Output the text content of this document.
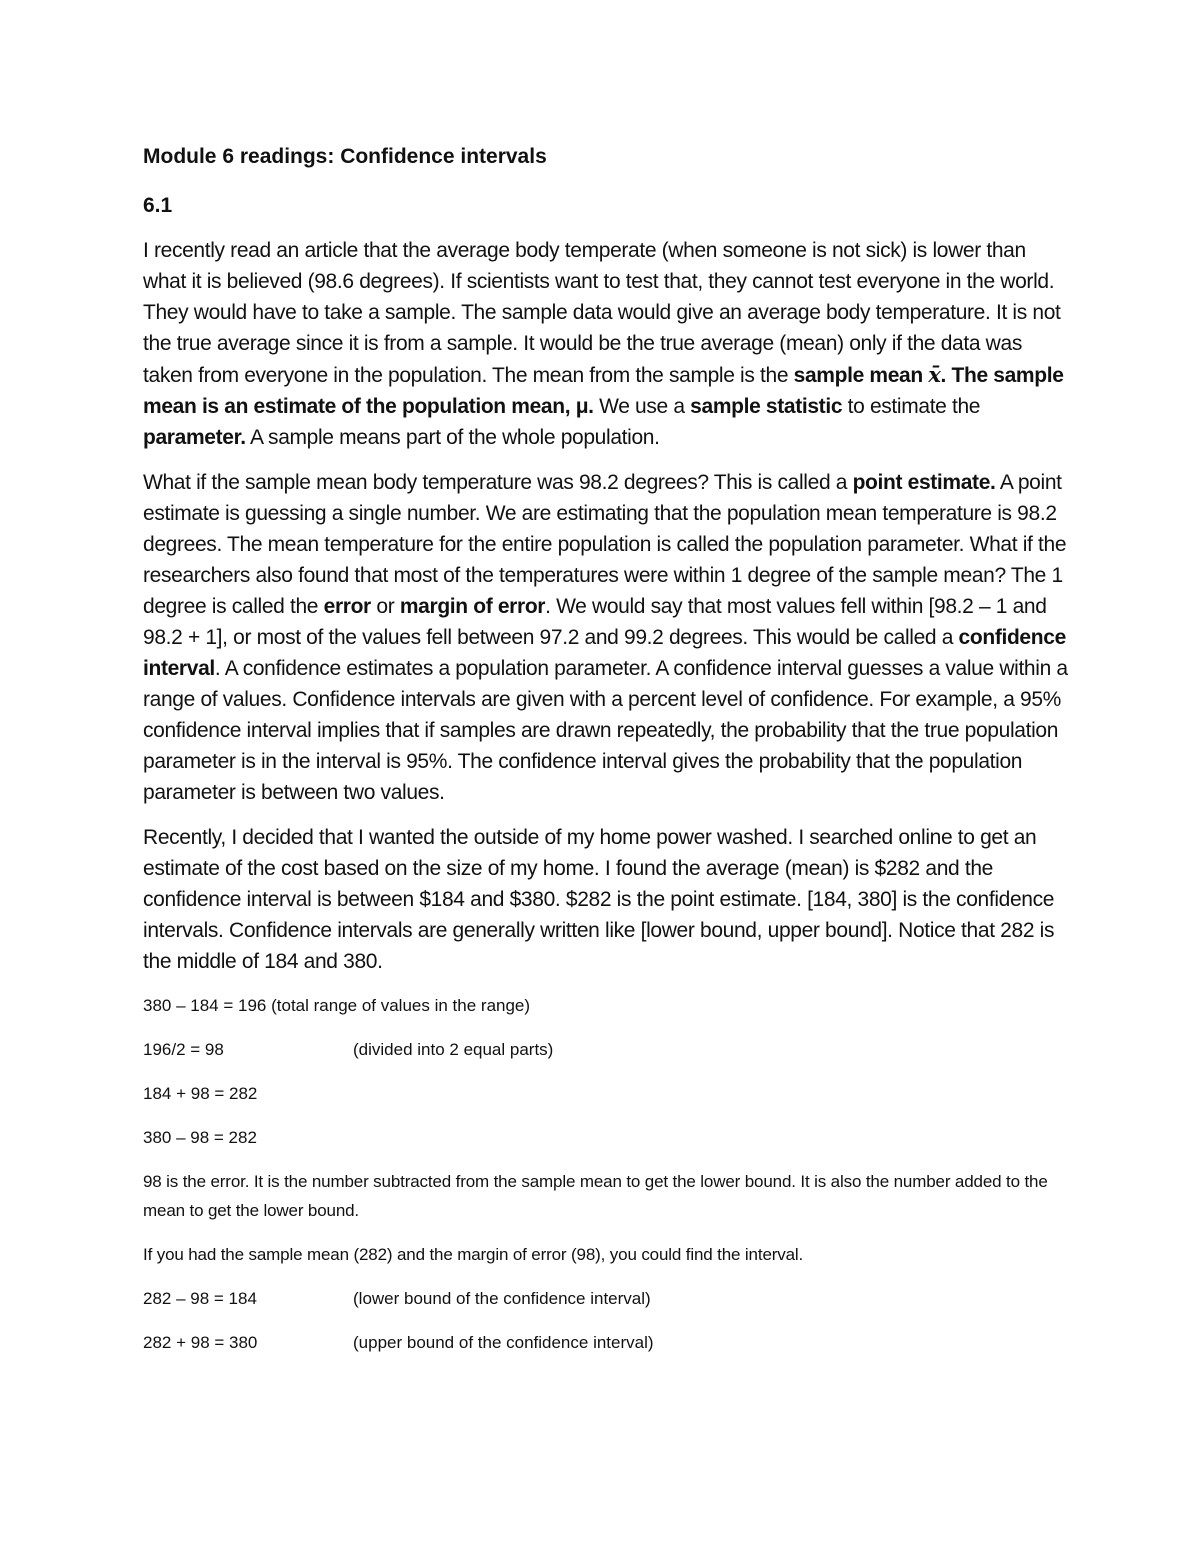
Module 6 readings: Confidence intervals
6.1

I recently read an article that the average body temperate (when someone is not sick) is lower than what it is believed (98.6 degrees). If scientists want to test that, they cannot test everyone in the world. They would have to take a sample. The sample data would give an average body temperature. It is not the true average since it is from a sample. It would be the true average (mean) only if the data was taken from everyone in the population. The mean from the sample is the sample mean x̄. The sample mean is an estimate of the population mean, μ. We use a sample statistic to estimate the parameter. A sample means part of the whole population.

What if the sample mean body temperature was 98.2 degrees? This is called a point estimate. A point estimate is guessing a single number. We are estimating that the population mean temperature is 98.2 degrees. The mean temperature for the entire population is called the population parameter. What if the researchers also found that most of the temperatures were within 1 degree of the sample mean? The 1 degree is called the error or margin of error. We would say that most values fell within [98.2 – 1 and 98.2 + 1], or most of the values fell between 97.2 and 99.2 degrees. This would be called a confidence interval. A confidence estimates a population parameter. A confidence interval guesses a value within a range of values. Confidence intervals are given with a percent level of confidence. For example, a 95% confidence interval implies that if samples are drawn repeatedly, the probability that the true population parameter is in the interval is 95%. The confidence interval gives the probability that the population parameter is between two values.

Recently, I decided that I wanted the outside of my home power washed. I searched online to get an estimate of the cost based on the size of my home. I found the average (mean) is $282 and the confidence interval is between $184 and $380. $282 is the point estimate. [184, 380] is the confidence intervals. Confidence intervals are generally written like [lower bound, upper bound]. Notice that 282 is the middle of 184 and 380.

380 – 184 = 196 (total range of values in the range)
196/2 = 98	(divided into 2 equal parts)
184 + 98 = 282
380 – 98 = 282

98 is the error. It is the number subtracted from the sample mean to get the lower bound. It is also the number added to the mean to get the lower bound.

If you had the sample mean (282) and the margin of error (98), you could find the interval.

282 – 98 = 184	(lower bound of the confidence interval)
282 + 98 = 380	(upper bound of the confidence interval)
